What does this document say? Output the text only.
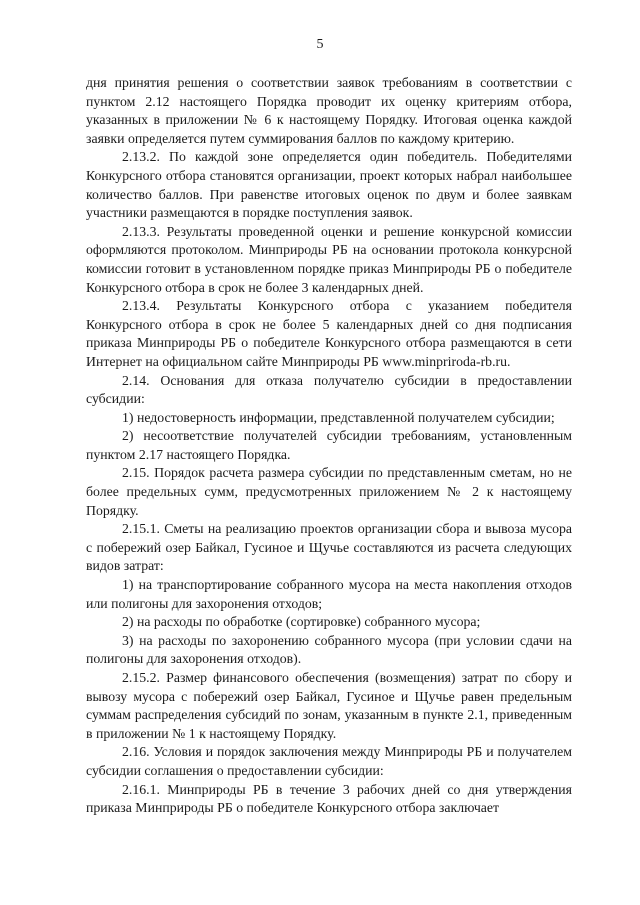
5

дня принятия решения о соответствии заявок требованиям в соответствии с пунктом 2.12 настоящего Порядка проводит их оценку критериям отбора, указанных в приложении № 6 к настоящему Порядку. Итоговая оценка каждой заявки определяется путем суммирования баллов по каждому критерию.

2.13.2. По каждой зоне определяется один победитель. Победителями Конкурсного отбора становятся организации, проект которых набрал наибольшее количество баллов. При равенстве итоговых оценок по двум и более заявкам участники размещаются в порядке поступления заявок.

2.13.3. Результаты проведенной оценки и решение конкурсной комиссии оформляются протоколом. Минприроды РБ на основании протокола конкурсной комиссии готовит в установленном порядке приказ Минприроды РБ о победителе Конкурсного отбора в срок не более 3 календарных дней.

2.13.4. Результаты Конкурсного отбора с указанием победителя Конкурсного отбора в срок не более 5 календарных дней со дня подписания приказа Минприроды РБ о победителе Конкурсного отбора размещаются в сети Интернет на официальном сайте Минприроды РБ www.minpriroda-rb.ru.

2.14. Основания для отказа получателю субсидии в предоставлении субсидии:

1) недостоверность информации, представленной получателем субсидии;

2) несоответствие получателей субсидии требованиям, установленным пунктом 2.17 настоящего Порядка.

2.15. Порядок расчета размера субсидии по представленным сметам, но не более предельных сумм, предусмотренных приложением № 2 к настоящему Порядку.

2.15.1. Сметы на реализацию проектов организации сбора и вывоза мусора с побережий озер Байкал, Гусиное и Щучье составляются из расчета следующих видов затрат:

1) на транспортирование собранного мусора на места накопления отходов или полигоны для захоронения отходов;

2) на расходы по обработке (сортировке) собранного мусора;

3) на расходы по захоронению собранного мусора (при условии сдачи на полигоны для захоронения отходов).

2.15.2. Размер финансового обеспечения (возмещения) затрат по сбору и вывозу мусора с побережий озер Байкал, Гусиное и Щучье равен предельным суммам распределения субсидий по зонам, указанным в пункте 2.1, приведенным в приложении № 1 к настоящему Порядку.

2.16. Условия и порядок заключения между Минприроды РБ и получателем субсидии соглашения о предоставлении субсидии:

2.16.1. Минприроды РБ в течение 3 рабочих дней со дня утверждения приказа Минприроды РБ о победителе Конкурсного отбора заключает
